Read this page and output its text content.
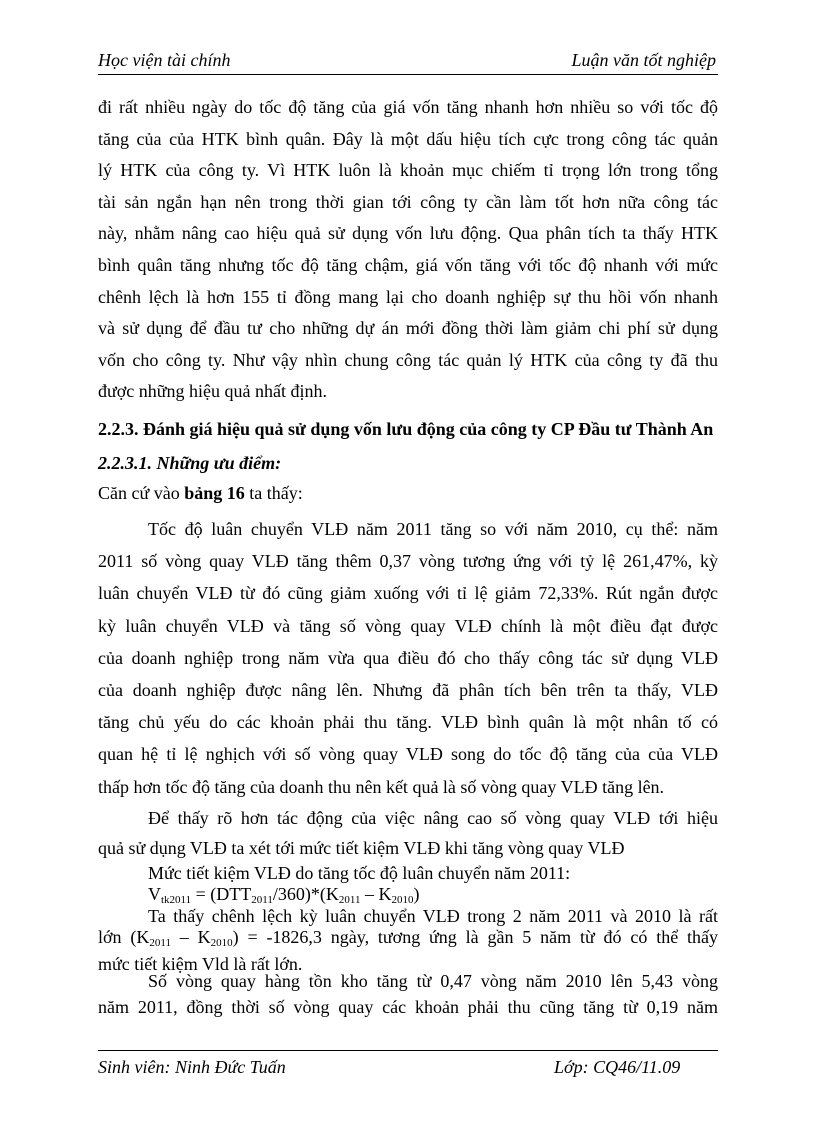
Học viện tài chính	Luận văn tốt nghiệp
đi rất nhiều ngày do tốc độ tăng của giá vốn tăng nhanh hơn nhiều so với tốc độ
tăng của của HTK bình quân. Đây là một dấu hiệu tích cực trong công tác quản
lý HTK của công ty. Vì HTK luôn là khoản mục chiếm tỉ trọng lớn trong tổng
tài sản ngắn hạn nên trong thời gian tới công ty cần làm tốt hơn nữa công tác
này, nhằm nâng cao hiệu quả sử dụng vốn lưu động. Qua phân tích ta thấy HTK
bình quân tăng nhưng tốc độ tăng chậm, giá vốn tăng với tốc độ nhanh với mức
chênh lệch là hơn 155 tỉ đồng mang lại cho doanh nghiệp sự thu hồi vốn nhanh
và sử dụng để đầu tư cho những dự án mới đồng thời làm giảm chi phí sử dụng
vốn cho công ty. Như vậy nhìn chung công tác quản lý HTK của công ty đã thu
được những hiệu quả nhất định.
2.2.3. Đánh giá hiệu quả sử dụng vốn lưu động của công ty CP Đầu tư Thành An
2.2.3.1. Những ưu điểm:
Căn cứ vào bảng 16 ta thấy:
Tốc độ luân chuyển VLĐ năm 2011 tăng so với năm 2010, cụ thể: năm
2011 số vòng quay VLĐ tăng thêm 0,37 vòng tương ứng với tỷ lệ 261,47%, kỳ
luân chuyển VLĐ từ đó cũng giảm xuống với tỉ lệ giảm 72,33%. Rút ngắn được
kỳ luân chuyển VLĐ và tăng số vòng quay VLĐ chính là một điều đạt được
của doanh nghiệp trong năm vừa qua điều đó cho thấy công tác sử dụng VLĐ
của doanh nghiệp được nâng lên. Nhưng đã phân tích bên trên ta thấy, VLĐ
tăng chủ yếu do các khoản phải thu tăng. VLĐ bình quân là một nhân tố có
quan hệ tỉ lệ nghịch với số vòng quay VLĐ song do tốc độ tăng của của VLĐ
thấp hơn tốc độ tăng của doanh thu nên kết quả là số vòng quay VLĐ tăng lên.
Để thấy rõ hơn tác động của việc nâng cao số vòng quay VLĐ tới hiệu
quả sử dụng VLĐ ta xét tới mức tiết kiệm VLĐ khi tăng vòng quay VLĐ
Mức tiết kiệm VLĐ do tăng tốc độ luân chuyển năm 2011:
$V_{tk2011} = (DTT_{2011}/360)*(K_{2011} - K_{2010})$
Ta thấy chênh lệch kỳ luân chuyển VLĐ trong 2 năm 2011 và 2010 là rất
lớn $(K_{2011} - K_{2010}) = -1826,3$ ngày, tương ứng là gần 5 năm từ đó có thể thấy
mức tiết kiệm Vld là rất lớn.
Số vòng quay hàng tồn kho tăng từ 0,47 vòng năm 2010 lên 5,43 vòng
năm 2011, đồng thời số vòng quay các khoản phải thu cũng tăng từ 0,19 năm
Sinh viên: Ninh Đức Tuấn	Lớp: CQ46/11.09
